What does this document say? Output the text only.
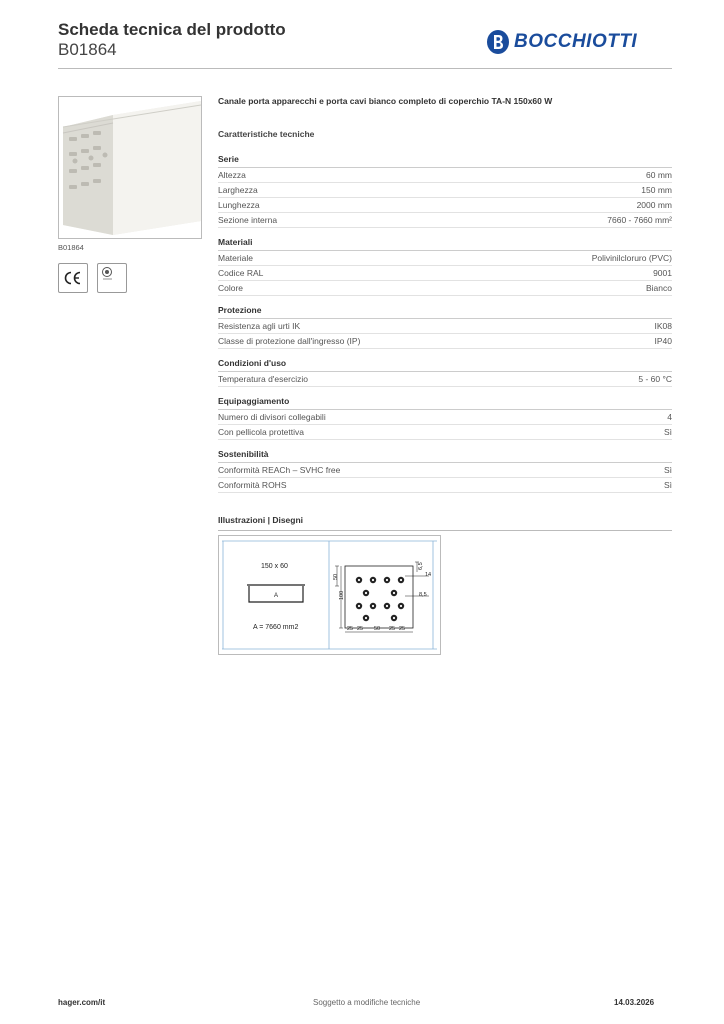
Scheda tecnica del prodotto
B01864	BOCCHIOTTI
B01864
Canale porta apparecchi e porta cavi bianco completo di coperchio TA-N 150x60 W
Caratteristiche tecniche
Serie
Altezza	60 mm
Larghezza	150 mm
Lunghezza	2000 mm
Sezione interna	7660 - 7660 mm²
Materiali
Materiale	Polivinilcloruro (PVC)
Codice RAL	9001
Colore	Bianco
Protezione
Resistenza agli urti IK	IK08
Classe di protezione dall'ingresso (IP)	IP40
Condizioni d'uso
Temperatura d'esercizio	5 - 60 °C
Equipaggiamento
Numero di divisori collegabili	4
Con pellicola protettiva	Sì
Sostenibilità
Conformità REACh – SVHC free	Sì
Conformità ROHS	Sì
Illustrazioni | Disegni
150 x 60
A
A = 7660 mm2
6,5
14
50
100	8,5
25 25 50 25 25
hager.com/it	Soggetto a modifiche tecniche	14.03.2026
